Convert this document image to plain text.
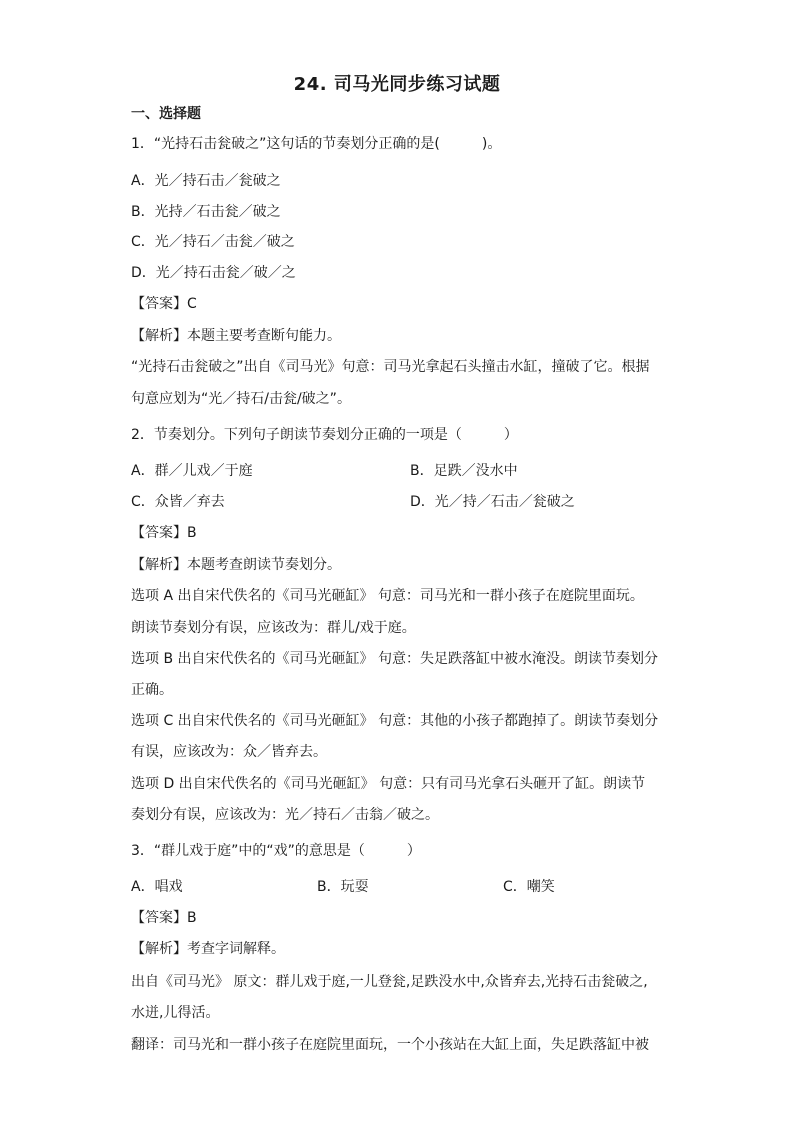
24. 司马光同步练习试题
一、选择题
1．“光持石击瓮破之”这句话的节奏划分正确的是(　　　)。
A．光／持石击／瓮破之
B．光持／石击瓮／破之
C．光／持石／击瓮／破之
D．光／持石击瓮／破／之
【答案】C
【解析】本题主要考查断句能力。
“光持石击瓮破之”出自《司马光》句意：司马光拿起石头撞击水缸，撞破了它。根据
句意应划为“光／持石/击瓮/破之”。
2．节奏划分。下列句子朗读节奏划分正确的一项是（　　　）
A．群／儿戏／于庭	B．足跌／没水中
C．众皆／弃去	D．光／持／石击／瓮破之
【答案】B
【解析】本题考查朗读节奏划分。
选项 A 出自宋代佚名的《司马光砸缸》 句意：司马光和一群小孩子在庭院里面玩。
朗读节奏划分有误，应该改为：群儿/戏于庭。
选项 B 出自宋代佚名的《司马光砸缸》 句意：失足跌落缸中被水淹没。朗读节奏划分
正确。
选项 C 出自宋代佚名的《司马光砸缸》 句意：其他的小孩子都跑掉了。朗读节奏划分
有误，应该改为：众／皆弃去。
选项 D 出自宋代佚名的《司马光砸缸》 句意：只有司马光拿石头砸开了缸。朗读节
奏划分有误，应该改为：光／持石／击翁／破之。
3．“群儿戏于庭”中的“戏”的意思是（　　　）
A．唱戏	B．玩耍	C．嘲笑
【答案】B
【解析】考查字词解释。
出自《司马光》 原文：群儿戏于庭,一儿登瓮,足跌没水中,众皆弃去,光持石击瓮破之,
水迸,儿得活。
翻译：司马光和一群小孩子在庭院里面玩，一个小孩站在大缸上面，失足跌落缸中被
